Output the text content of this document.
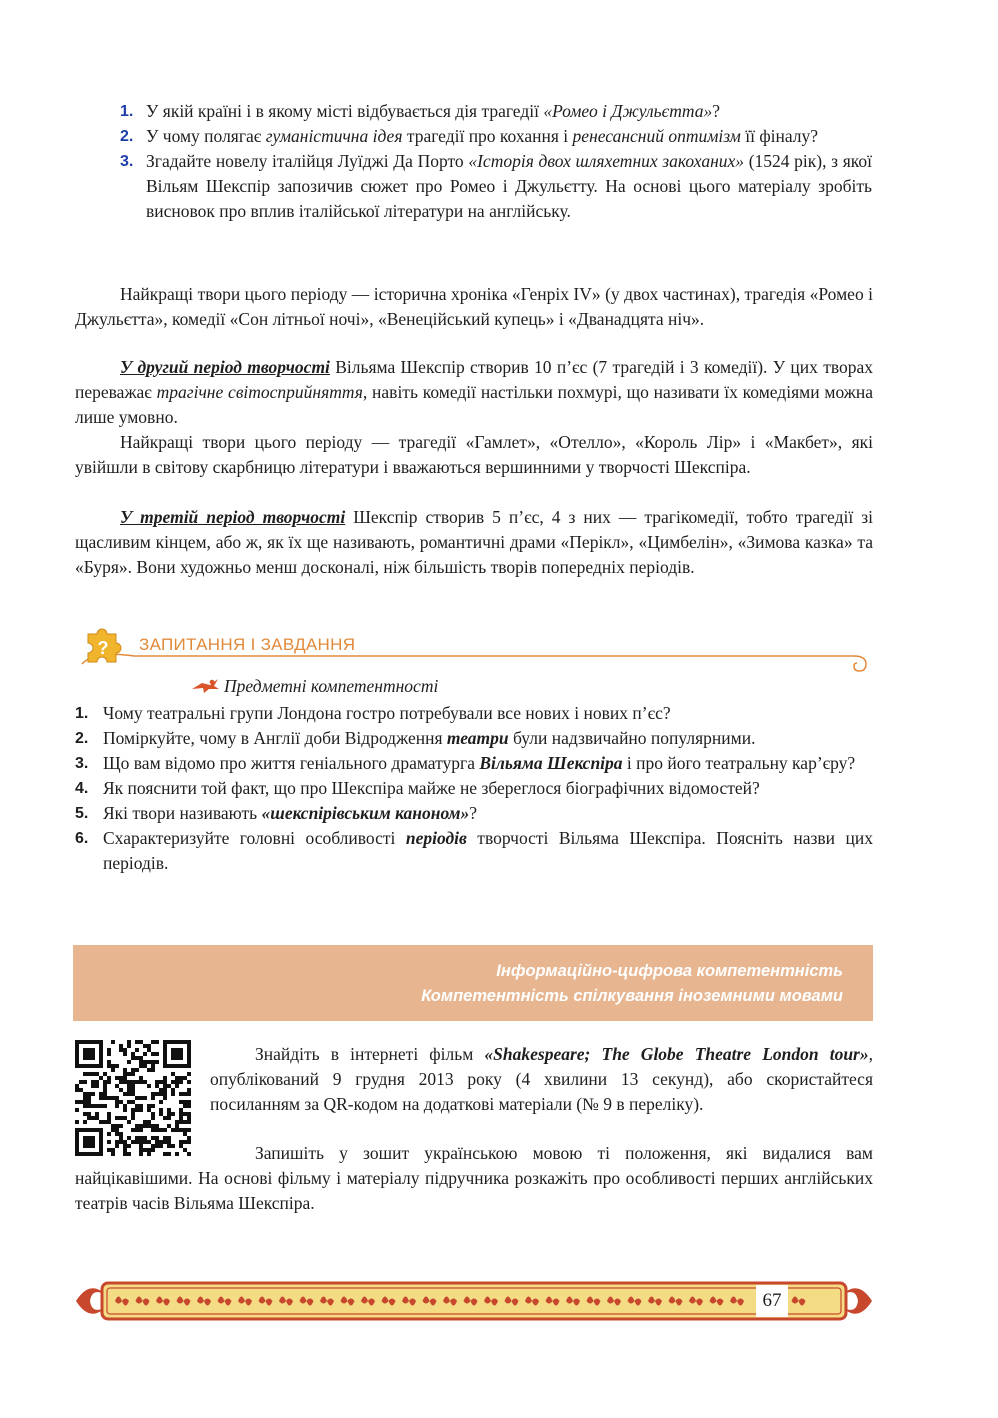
1. У якій країні і в якому місті відбувається дія трагедії «Ромео і Джульєтта»?
2. У чому полягає гуманістична ідея трагедії про кохання і ренесансний оптимізм її фіналу?
3. Згадайте новелу італійця Луїджі Да Порто «Історія двох шляхетних закоханих» (1524 рік), з якої Вільям Шекспір запозичив сюжет про Ромео і Джульєтту. На основі цього матеріалу зробіть висновок про вплив італійської літератури на англійську.

Найкращі твори цього періоду — історична хроніка «Генріх IV» (у двох частинах), трагедія «Ромео і Джульєтта», комедії «Сон літньої ночі», «Венеційський купець» і «Дванадцята ніч».

У другий період творчості Вільяма Шекспір створив 10 п’єс (7 трагедій і 3 комедії). У цих творах переважає трагічне світосприйняття, навіть комедії настільки похмурі, що називати їх комедіями можна лише умовно.

Найкращі твори цього періоду — трагедії «Гамлет», «Отелло», «Король Лір» і «Макбет», які увійшли в світову скарбницю літератури і вважаються вершинними у творчості Шекспіра.

У третій період творчості Шекспір створив 5 п’єс, 4 з них — трагікомедії, тобто трагедії зі щасливим кінцем, або ж, як їх ще називають, романтичні драми «Перікл», «Цимбелін», «Зимова казка» та «Буря». Вони художньо менш досконалі, ніж більшість творів попередніх періодів.

? ЗАПИТАННЯ І ЗАВДАННЯ
Предметні компетентності
1. Чому театральні групи Лондона гостро потребували все нових і нових п’єс?
2. Поміркуйте, чому в Англії доби Відродження театри були надзвичайно популярними.
3. Що вам відомо про життя геніального драматурга Вільяма Шекспіра і про його театральну кар’єру?
4. Як пояснити той факт, що про Шекспіра майже не збереглося біографічних відомостей?
5. Які твори називають «шекспірівським каноном»?
6. Схарактеризуйте головні особливості періодів творчості Вільяма Шекспіра. Поясніть назви цих періодів.
Інформаційно-цифрова компетентність
Компетентність спілкування іноземними мовами

Знайдіть в інтернеті фільм «Shakespeare; The Globe Theatre London tour», опублікований 9 грудня 2013 року (4 хвилини 13 секунд), або скористайтеся посиланням за QR-кодом на додаткові матеріали (№ 9 в переліку).

Запишіть у зошит українською мовою ті положення, які видалися вам найцікавішими. На основі фільму і матеріалу підручника розкажіть про особливості перших англійських театрів часів Вільяма Шекспіра.

67
